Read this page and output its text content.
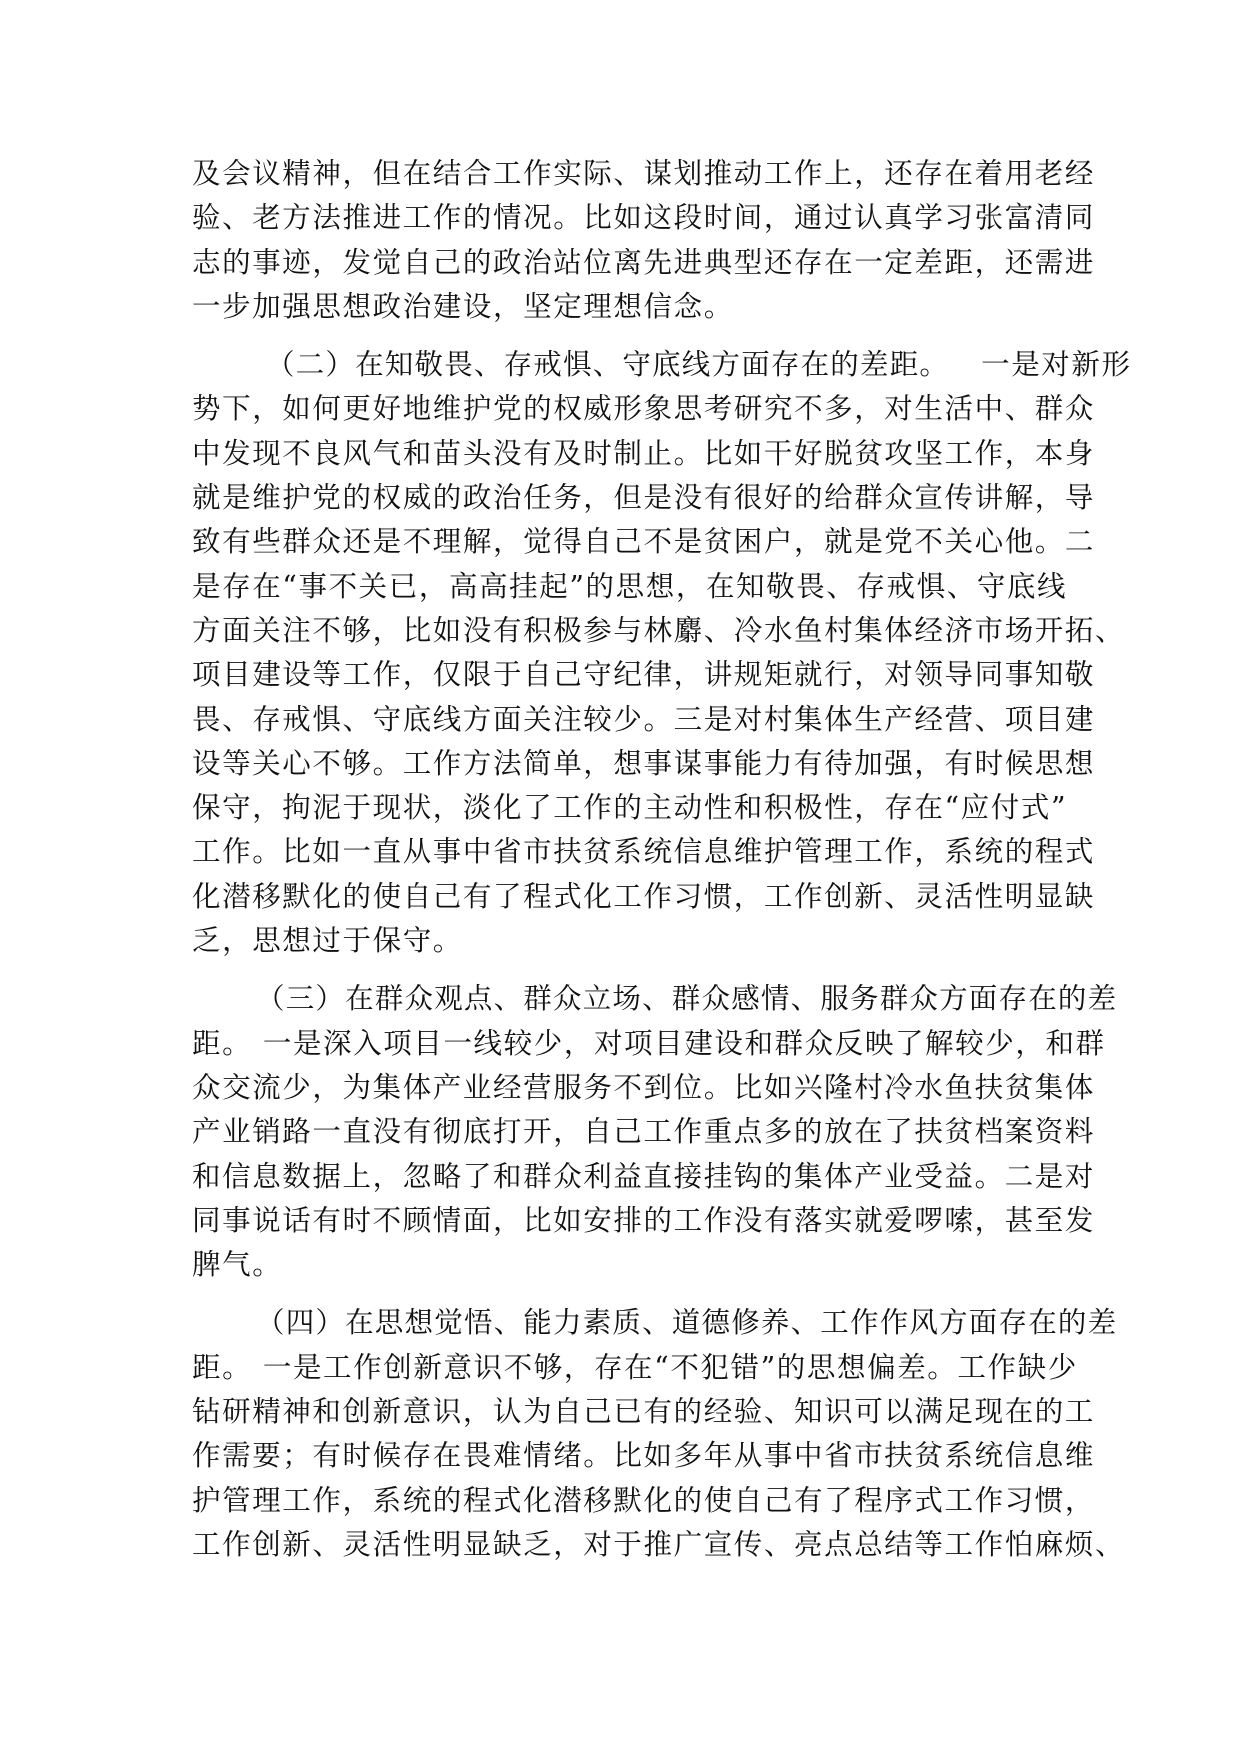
及会议精神，但在结合工作实际、谋划推动工作上，还存在着用老经
验、老方法推进工作的情况。比如这段时间，通过认真学习张富清同
志的事迹，发觉自己的政治站位离先进典型还存在一定差距，还需进
一步加强思想政治建设，坚定理想信念。

（二）在知敬畏、存戒惧、守底线方面存在的差距。 一是对新形
势下，如何更好地维护党的权威形象思考研究不多，对生活中、群众
中发现不良风气和苗头没有及时制止。比如干好脱贫攻坚工作，本身
就是维护党的权威的政治任务，但是没有很好的给群众宣传讲解，导
致有些群众还是不理解，觉得自己不是贫困户，就是党不关心他。二
是存在“事不关已，高高挂起”的思想，在知敬畏、存戒惧、守底线
方面关注不够，比如没有积极参与林麝、冷水鱼村集体经济市场开拓、
项目建设等工作，仅限于自己守纪律，讲规矩就行，对领导同事知敬
畏、存戒惧、守底线方面关注较少。三是对村集体生产经营、项目建
设等关心不够。工作方法简单，想事谋事能力有待加强，有时候思想
保守，拘泥于现状，淡化了工作的主动性和积极性，存在“应付式”
工作。比如一直从事中省市扶贫系统信息维护管理工作，系统的程式
化潜移默化的使自己有了程式化工作习惯，工作创新、灵活性明显缺
乏，思想过于保守。

（三）在群众观点、群众立场、群众感情、服务群众方面存在的差
距。 一是深入项目一线较少，对项目建设和群众反映了解较少，和群
众交流少，为集体产业经营服务不到位。比如兴隆村冷水鱼扶贫集体
产业销路一直没有彻底打开，自己工作重点多的放在了扶贫档案资料
和信息数据上，忽略了和群众利益直接挂钩的集体产业受益。二是对
同事说话有时不顾情面，比如安排的工作没有落实就爱啰嗦，甚至发
脾气。

（四）在思想觉悟、能力素质、道德修养、工作作风方面存在的差
距。 一是工作创新意识不够，存在“不犯错”的思想偏差。工作缺少
钻研精神和创新意识，认为自己已有的经验、知识可以满足现在的工
作需要；有时候存在畏难情绪。比如多年从事中省市扶贫系统信息维
护管理工作，系统的程式化潜移默化的使自己有了程序式工作习惯，
工作创新、灵活性明显缺乏，对于推广宣传、亮点总结等工作怕麻烦、
